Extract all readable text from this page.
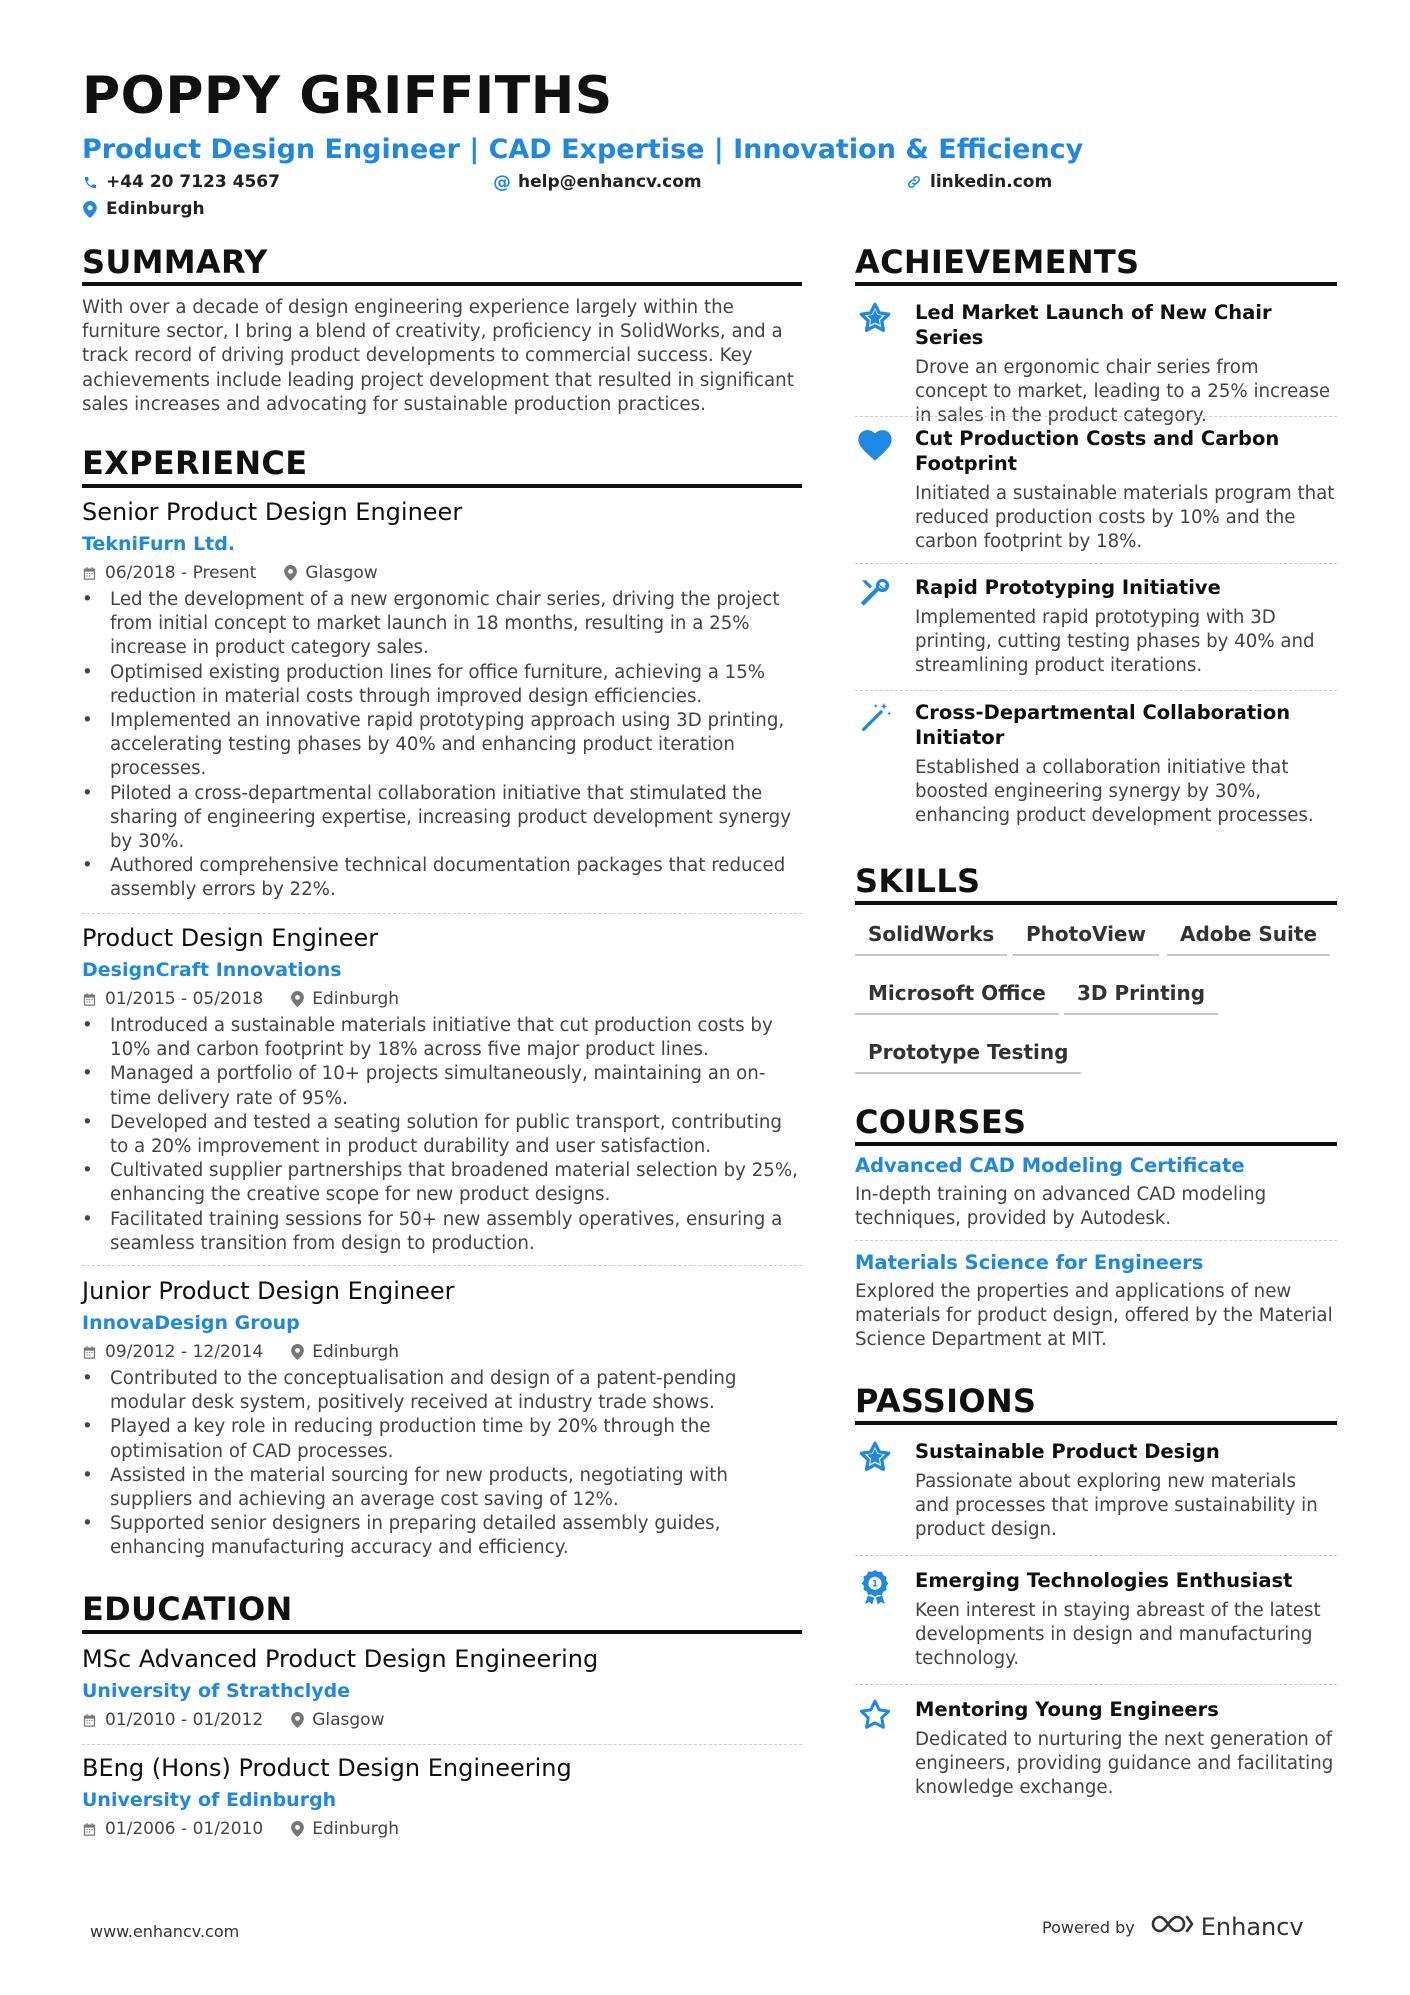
POPPY GRIFFITHS
Product Design Engineer | CAD Expertise | Innovation & Efficiency
+44 20 7123 4567	@ help@enhancv.com	linkedin.com
Edinburgh
SUMMARY
With over a decade of design engineering experience largely within the furniture sector, I bring a blend of creativity, proficiency in SolidWorks, and a track record of driving product developments to commercial success. Key achievements include leading project development that resulted in significant sales increases and advocating for sustainable production practices.
EXPERIENCE
Senior Product Design Engineer
TekniFurn Ltd.
06/2018 - Present	Glasgow
• Led the development of a new ergonomic chair series, driving the project from initial concept to market launch in 18 months, resulting in a 25% increase in product category sales.
• Optimised existing production lines for office furniture, achieving a 15% reduction in material costs through improved design efficiencies.
• Implemented an innovative rapid prototyping approach using 3D printing, accelerating testing phases by 40% and enhancing product iteration processes.
• Piloted a cross-departmental collaboration initiative that stimulated the sharing of engineering expertise, increasing product development synergy by 30%.
• Authored comprehensive technical documentation packages that reduced assembly errors by 22%.
Product Design Engineer
DesignCraft Innovations
01/2015 - 05/2018	Edinburgh
• Introduced a sustainable materials initiative that cut production costs by 10% and carbon footprint by 18% across five major product lines.
• Managed a portfolio of 10+ projects simultaneously, maintaining an on-time delivery rate of 95%.
• Developed and tested a seating solution for public transport, contributing to a 20% improvement in product durability and user satisfaction.
• Cultivated supplier partnerships that broadened material selection by 25%, enhancing the creative scope for new product designs.
• Facilitated training sessions for 50+ new assembly operatives, ensuring a seamless transition from design to production.
Junior Product Design Engineer
InnovaDesign Group
09/2012 - 12/2014	Edinburgh
• Contributed to the conceptualisation and design of a patent-pending modular desk system, positively received at industry trade shows.
• Played a key role in reducing production time by 20% through the optimisation of CAD processes.
• Assisted in the material sourcing for new products, negotiating with suppliers and achieving an average cost saving of 12%.
• Supported senior designers in preparing detailed assembly guides, enhancing manufacturing accuracy and efficiency.
EDUCATION
MSc Advanced Product Design Engineering
University of Strathclyde
01/2010 - 01/2012	Glasgow
BEng (Hons) Product Design Engineering
University of Edinburgh
01/2006 - 01/2010	Edinburgh
ACHIEVEMENTS
Led Market Launch of New Chair Series
Drove an ergonomic chair series from concept to market, leading to a 25% increase in sales in the product category.
Cut Production Costs and Carbon Footprint
Initiated a sustainable materials program that reduced production costs by 10% and the carbon footprint by 18%.
Rapid Prototyping Initiative
Implemented rapid prototyping with 3D printing, cutting testing phases by 40% and streamlining product iterations.
Cross-Departmental Collaboration Initiator
Established a collaboration initiative that boosted engineering synergy by 30%, enhancing product development processes.
SKILLS
SolidWorks	PhotoView	Adobe Suite
Microsoft Office	3D Printing
Prototype Testing
COURSES
Advanced CAD Modeling Certificate
In-depth training on advanced CAD modeling techniques, provided by Autodesk.
Materials Science for Engineers
Explored the properties and applications of new materials for product design, offered by the Material Science Department at MIT.
PASSIONS
Sustainable Product Design
Passionate about exploring new materials and processes that improve sustainability in product design.
1 Emerging Technologies Enthusiast
Keen interest in staying abreast of the latest developments in design and manufacturing technology.
Mentoring Young Engineers
Dedicated to nurturing the next generation of engineers, providing guidance and facilitating knowledge exchange.
www.enhancv.com	Powered by	Enhancv
